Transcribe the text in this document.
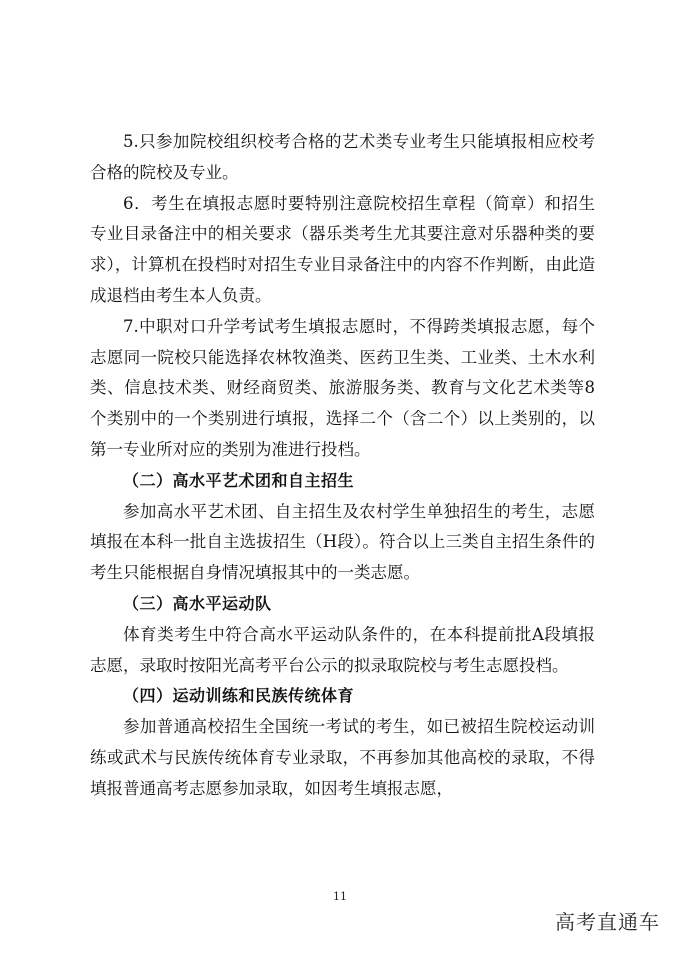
5.只参加院校组织校考合格的艺术类专业考生只能填报相应校考合格的院校及专业。

6．考生在填报志愿时要特别注意院校招生章程（简章）和招生专业目录备注中的相关要求（器乐类考生尤其要注意对乐器种类的要求），计算机在投档时对招生专业目录备注中的内容不作判断，由此造成退档由考生本人负责。

7.中职对口升学考试考生填报志愿时，不得跨类填报志愿，每个志愿同一院校只能选择农林牧渔类、医药卫生类、工业类、土木水利类、信息技术类、财经商贸类、旅游服务类、教育与文化艺术类等8个类别中的一个类别进行填报，选择二个（含二个）以上类别的，以第一专业所对应的类别为准进行投档。

（二）高水平艺术团和自主招生

参加高水平艺术团、自主招生及农村学生单独招生的考生，志愿填报在本科一批自主选拔招生（H段）。符合以上三类自主招生条件的考生只能根据自身情况填报其中的一类志愿。

（三）高水平运动队

体育类考生中符合高水平运动队条件的，在本科提前批A段填报志愿，录取时按阳光高考平台公示的拟录取院校与考生志愿投档。

（四）运动训练和民族传统体育

参加普通高校招生全国统一考试的考生，如已被招生院校运动训练或武术与民族传统体育专业录取，不再参加其他高校的录取，不得填报普通高考志愿参加录取，如因考生填报志愿，

11
高考直通车
